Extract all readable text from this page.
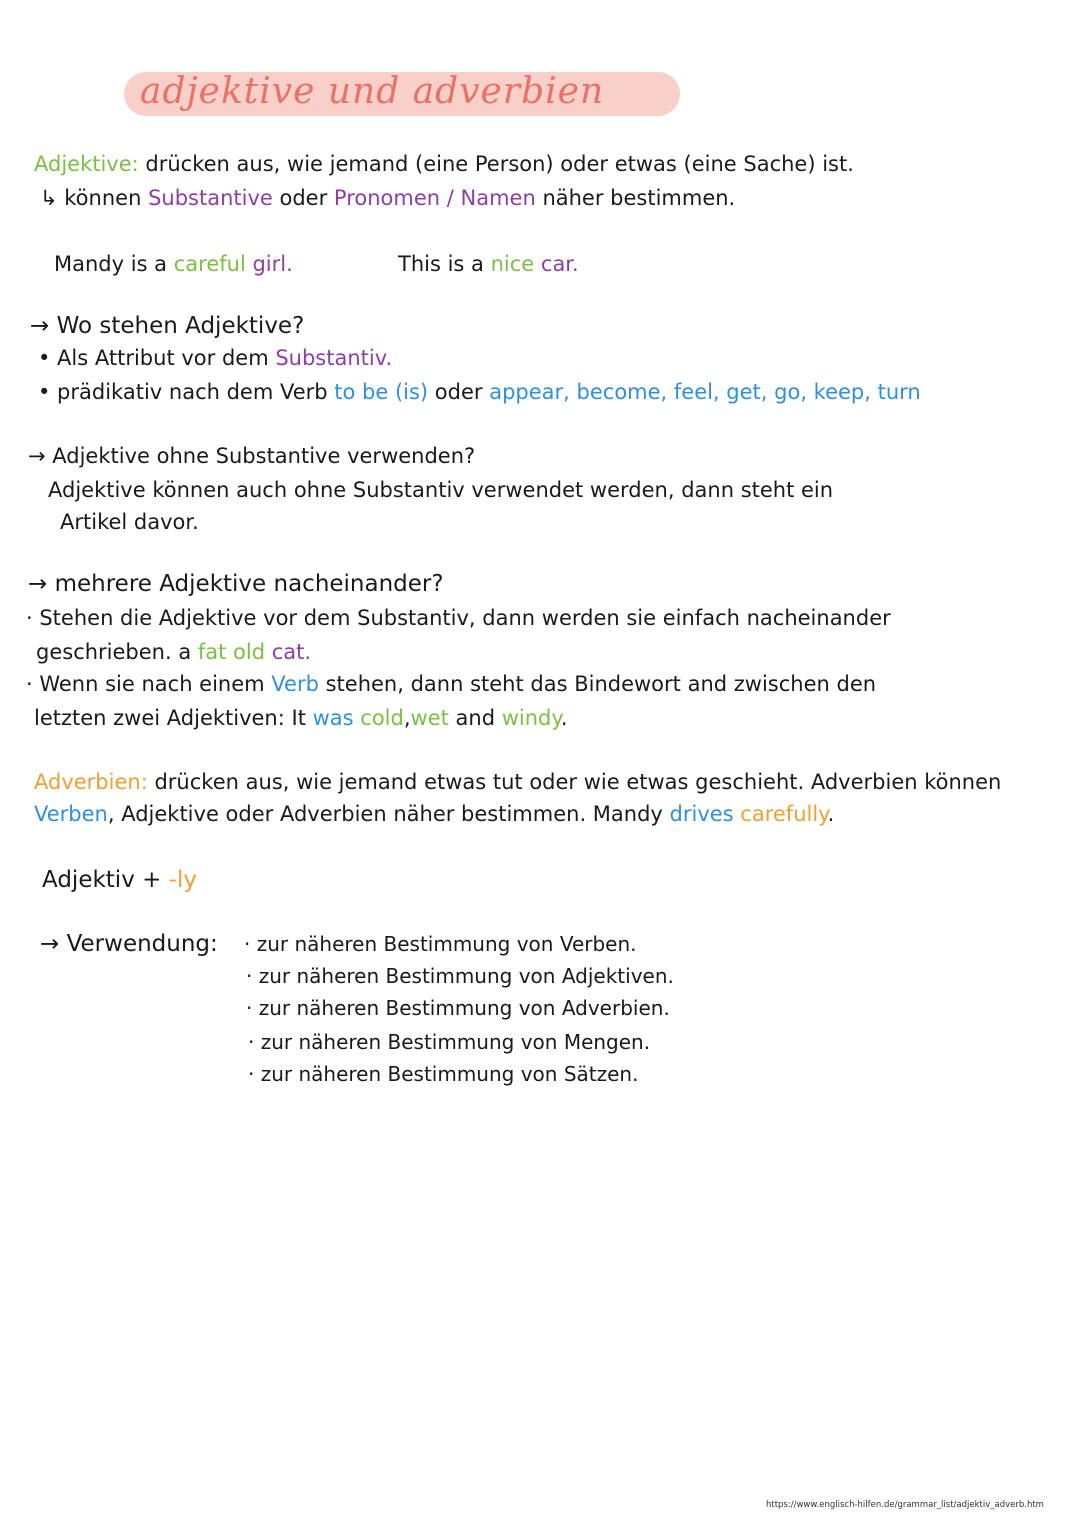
adjektive und adverbien
Adjektive: drücken aus, wie jemand (eine Person) oder etwas (eine Sache) ist.
↳ können Substantive oder Pronomen / Namen näher bestimmen.
Mandy is a careful girl.	This is a nice car.
→ Wo stehen Adjektive?
• Als Attribut vor dem Substantiv.
• prädikativ nach dem Verb to be (is) oder appear, become, feel, get, go, keep, turn
→ Adjektive ohne Substantive verwenden?
Adjektive können auch ohne Substantiv verwendet werden, dann steht ein
Artikel davor.
→ mehrere Adjektive nacheinander?
· Stehen die Adjektive vor dem Substantiv, dann werden sie einfach nacheinander
geschrieben. a fat old cat.
· Wenn sie nach einem Verb stehen, dann steht das Bindewort and zwischen den
letzten zwei Adjektiven: It was cold,wet and windy.
Adverbien: drücken aus, wie jemand etwas tut oder wie etwas geschieht. Adverbien können
Verben, Adjektive oder Adverbien näher bestimmen. Mandy drives carefully.
Adjektiv + -ly
→ Verwendung: · zur näheren Bestimmung von Verben.
· zur näheren Bestimmung von Adjektiven.
· zur näheren Bestimmung von Adverbien.
· zur näheren Bestimmung von Mengen.
· zur näheren Bestimmung von Sätzen.
https://www.englisch-hilfen.de/grammar_list/adjektiv_adverb.htm
